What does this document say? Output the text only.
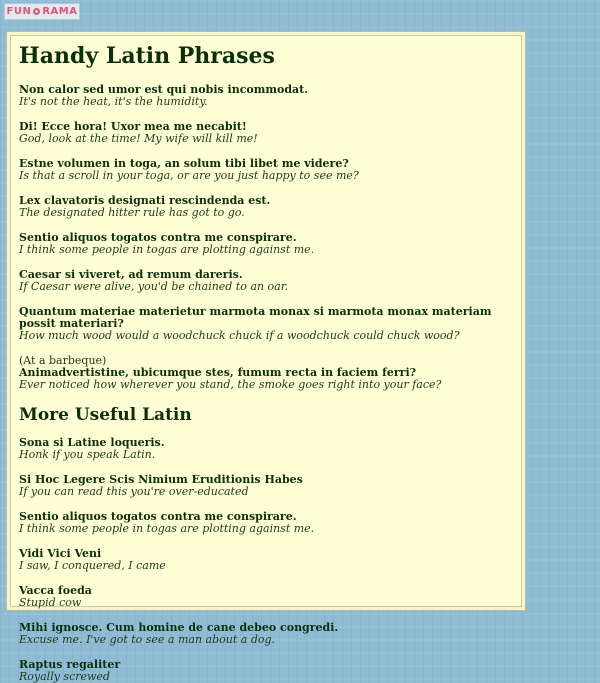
FUN RAMA
Handy Latin Phrases
Non calor sed umor est qui nobis incommodat.
It's not the heat, it's the humidity.
Di! Ecce hora! Uxor mea me necabit!
God, look at the time! My wife will kill me!
Estne volumen in toga, an solum tibi libet me videre?
Is that a scroll in your toga, or are you just happy to see me?
Lex clavatoris designati rescindenda est.
The designated hitter rule has got to go.
Sentio aliquos togatos contra me conspirare.
I think some people in togas are plotting against me.
Caesar si viveret, ad remum dareris.
If Caesar were alive, you'd be chained to an oar.
Quantum materiae materietur marmota monax si marmota monax materiam possit materiari?
How much wood would a woodchuck chuck if a woodchuck could chuck wood?
(At a barbeque)
Animadvertistine, ubicumque stes, fumum recta in faciem ferri?
Ever noticed how wherever you stand, the smoke goes right into your face?
More Useful Latin
Sona si Latine loqueris.
Honk if you speak Latin.
Si Hoc Legere Scis Nimium Eruditionis Habes
If you can read this you're over-educated
Sentio aliquos togatos contra me conspirare.
I think some people in togas are plotting against me.
Vidi Vici Veni
I saw, I conquered, I came
Vacca foeda
Stupid cow
Mihi ignosce. Cum homine de cane debeo congredi.
Excuse me. I've got to see a man about a dog.
Raptus regaliter
Royally screwed
